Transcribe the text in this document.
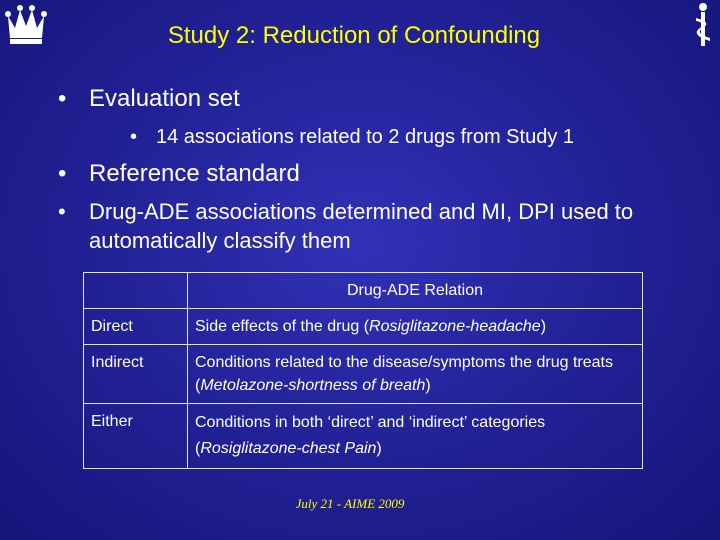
Study 2: Reduction of Confounding
• Evaluation set
• 14 associations related to 2 drugs from Study 1
• Reference standard
•	Drug-ADE associations determined and MI, DPI used to automatically classify them
	Drug-ADE Relation
Direct	Side effects of the drug (Rosiglitazone-headache)
Indirect	Conditions related to the disease/symptoms the drug treats (Metolazone-shortness of breath)
Either	Conditions in both ‘direct’ and ‘indirect’ categories (Rosiglitazone-chest Pain)
July 21 - AIME 2009
